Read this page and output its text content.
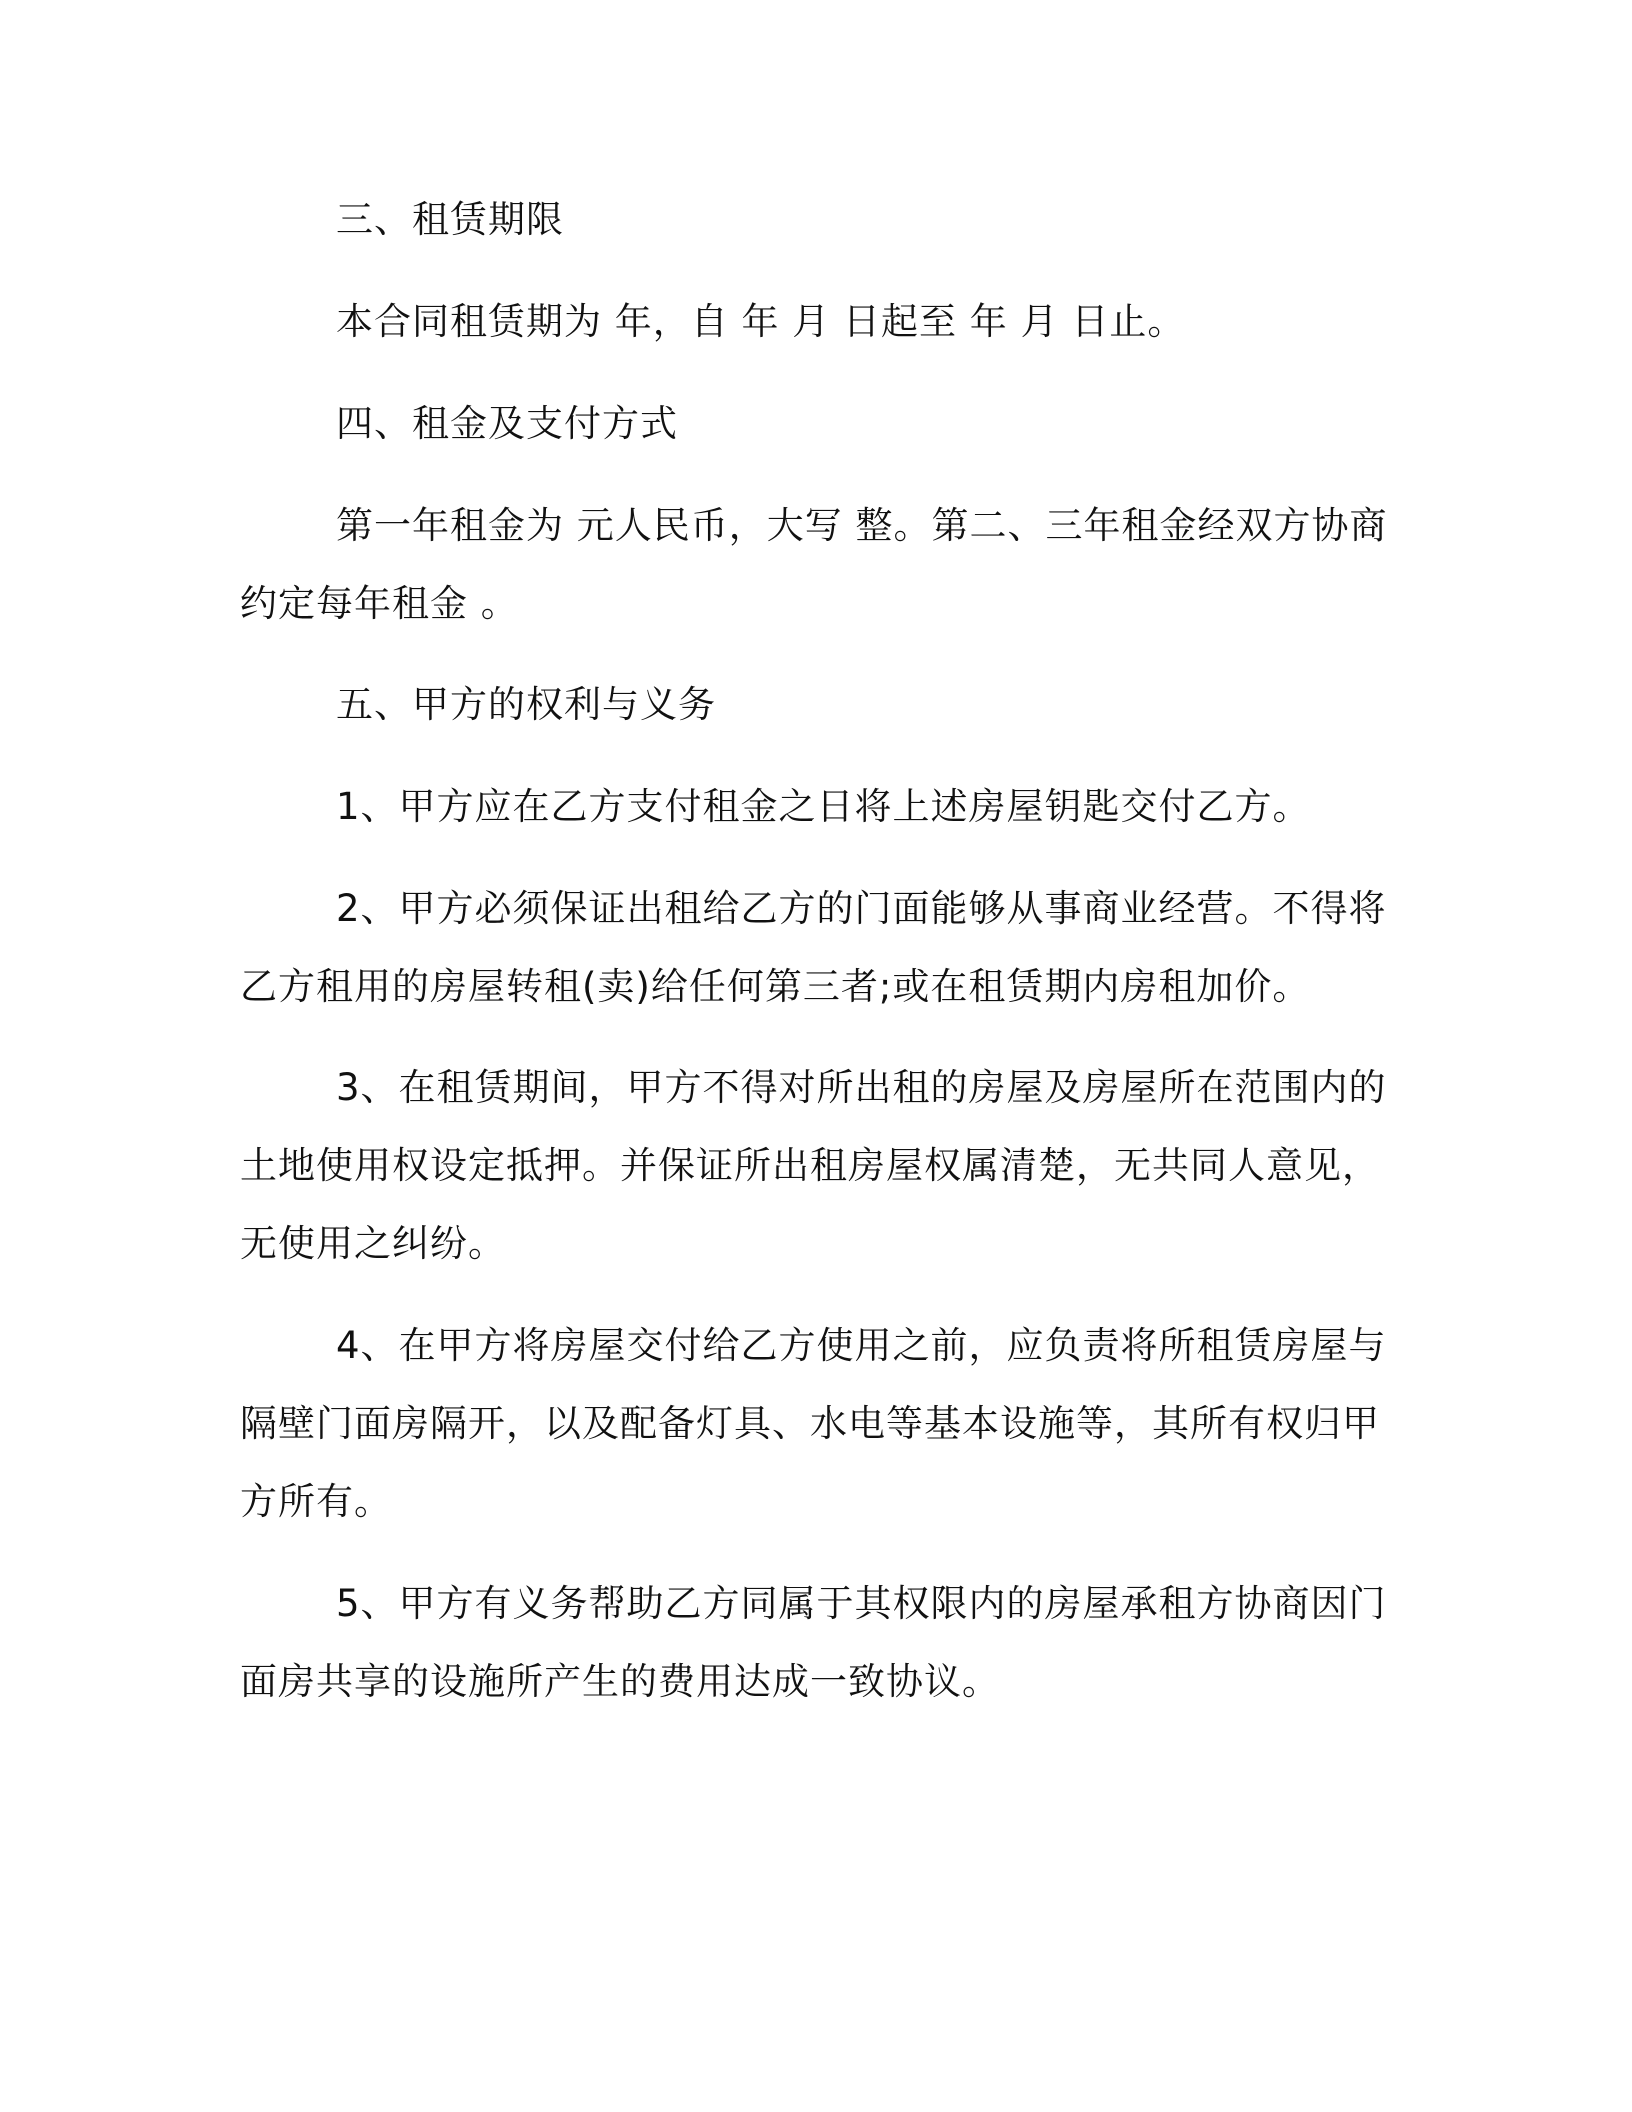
三、租赁期限

本合同租赁期为 年，自 年 月 日起至 年 月 日止。

四、租金及支付方式

第一年租金为 元人民币，大写 整。第二、三年租金经双方协商
约定每年租金 。

五、甲方的权利与义务

1、甲方应在乙方支付租金之日将上述房屋钥匙交付乙方。

2、甲方必须保证出租给乙方的门面能够从事商业经营。不得将
乙方租用的房屋转租(卖)给任何第三者;或在租赁期内房租加价。

3、在租赁期间，甲方不得对所出租的房屋及房屋所在范围内的
土地使用权设定抵押。并保证所出租房屋权属清楚，无共同人意见，
无使用之纠纷。

4、在甲方将房屋交付给乙方使用之前，应负责将所租赁房屋与
隔壁门面房隔开，以及配备灯具、水电等基本设施等，其所有权归甲
方所有。

5、甲方有义务帮助乙方同属于其权限内的房屋承租方协商因门
面房共享的设施所产生的费用达成一致协议。
